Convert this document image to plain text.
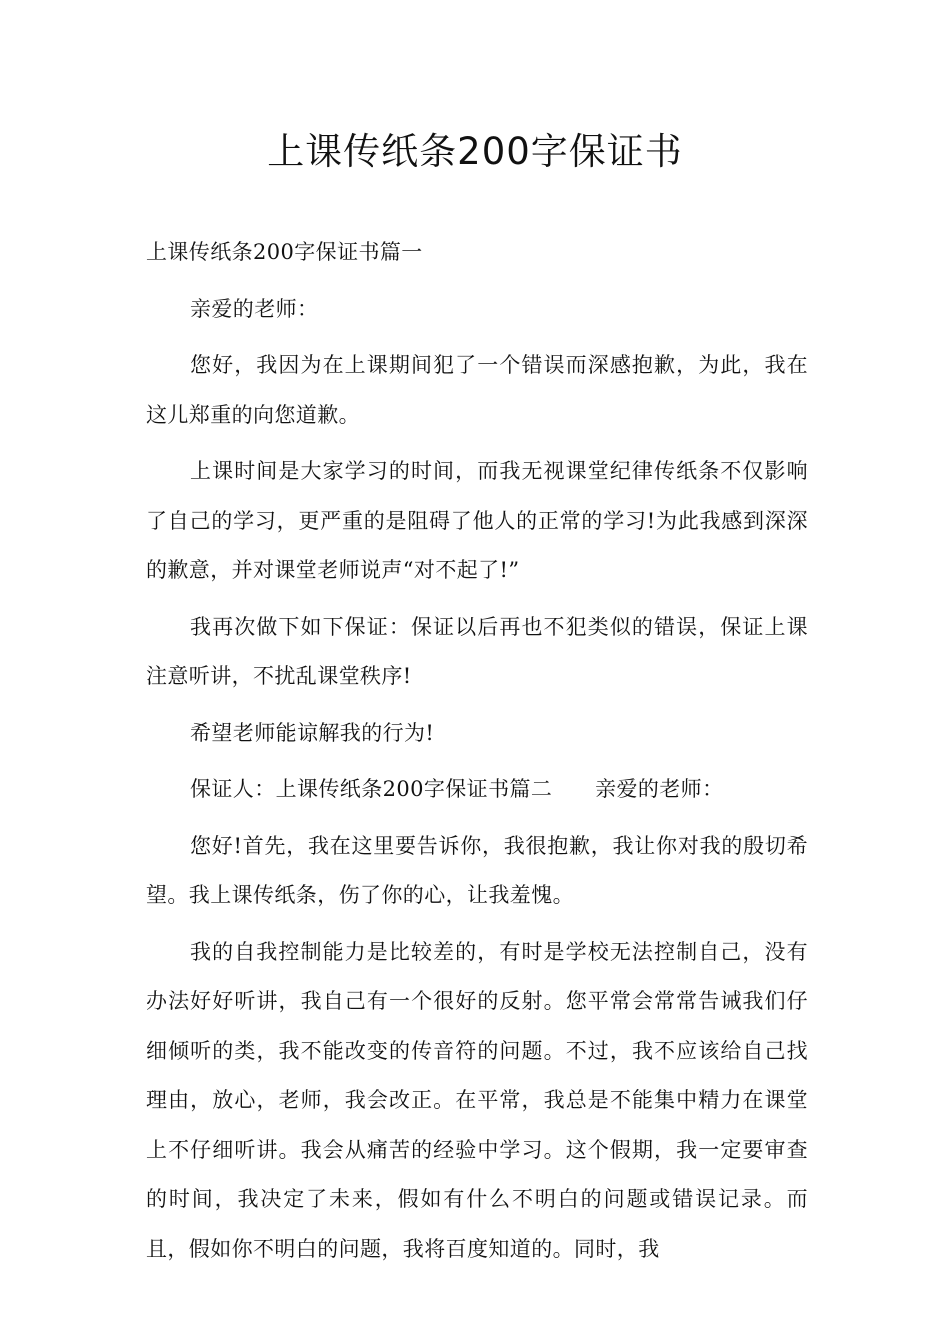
上课传纸条200字保证书

上课传纸条200字保证书篇一

亲爱的老师：

您好，我因为在上课期间犯了一个错误而深感抱歉，为此，我在这儿郑重的向您道歉。

上课时间是大家学习的时间，而我无视课堂纪律传纸条不仅影响了自己的学习，更严重的是阻碍了他人的正常的学习!为此我感到深深的歉意，并对课堂老师说声“对不起了!”

我再次做下如下保证：保证以后再也不犯类似的错误，保证上课注意听讲，不扰乱课堂秩序!

希望老师能谅解我的行为!

保证人：上课传纸条200字保证书篇二　　亲爱的老师：

您好!首先，我在这里要告诉你，我很抱歉，我让你对我的殷切希望。我上课传纸条，伤了你的心，让我羞愧。

我的自我控制能力是比较差的，有时是学校无法控制自己，没有办法好好听讲，我自己有一个很好的反射。您平常会常常告诫我们仔细倾听的类，我不能改变的传音符的问题。不过，我不应该给自己找理由，放心，老师，我会改正。在平常，我总是不能集中精力在课堂上不仔细听讲。我会从痛苦的经验中学习。这个假期，我一定要审查的时间，我决定了未来，假如有什么不明白的问题或错误记录。而且，假如你不明白的问题，我将百度知道的。同时，我
